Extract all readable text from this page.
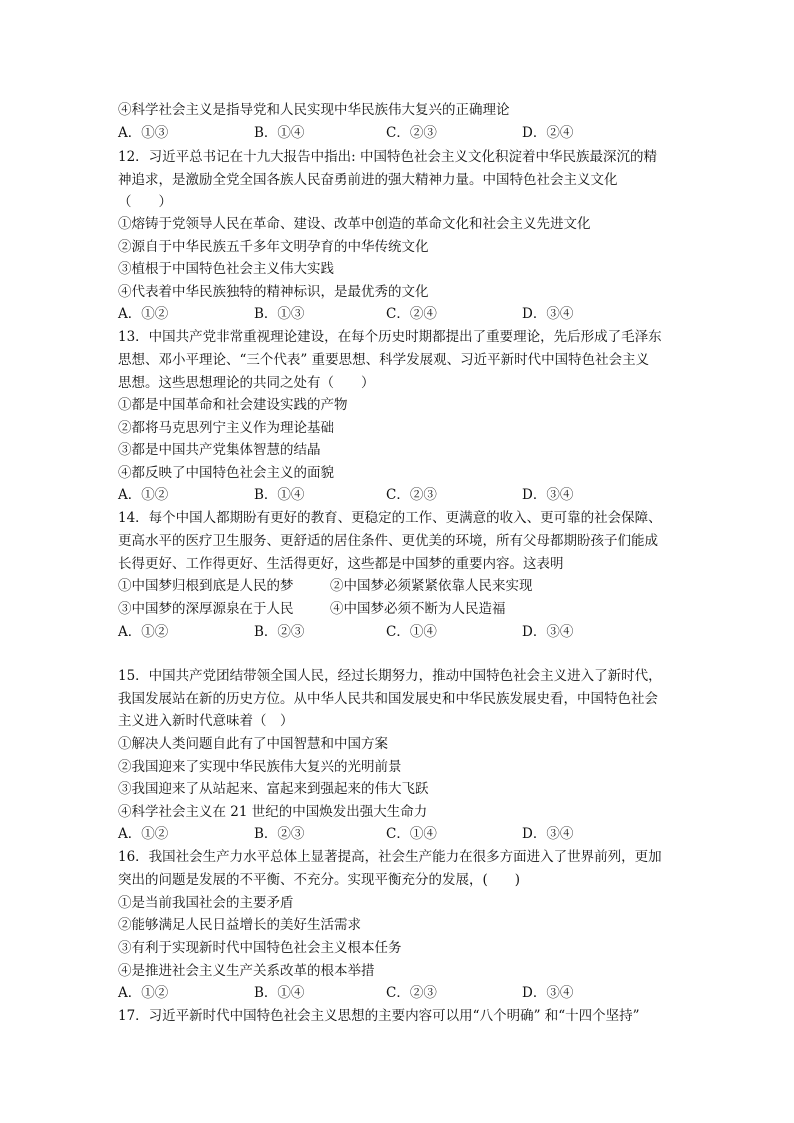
④科学社会主义是指导党和人民实现中华民族伟大复兴的正确理论
A．①③	B．①④	C．②③	D．②④
12．习近平总书记在十九大报告中指出: 中国特色社会主义文化积淀着中华民族最深沉的精
神追求，是激励全党全国各族人民奋勇前进的强大精神力量。中国特色社会主义文化
（　　）
①熔铸于党领导人民在革命、建设、改革中创造的革命文化和社会主义先进文化
②源自于中华民族五千多年文明孕育的中华传统文化
③植根于中国特色社会主义伟大实践
④代表着中华民族独特的精神标识，是最优秀的文化
A．①②	B．①③	C．②④	D．③④
13．中国共产党非常重视理论建设，在每个历史时期都提出了重要理论，先后形成了毛泽东
思想、邓小平理论、“三个代表” 重要思想、科学发展观、习近平新时代中国特色社会主义
思想。这些思想理论的共同之处有（　　）
①都是中国革命和社会建设实践的产物
②都将马克思列宁主义作为理论基础
③都是中国共产党集体智慧的结晶
④都反映了中国特色社会主义的面貌
A．①②	B．①④	C．②③	D．③④
14．每个中国人都期盼有更好的教育、更稳定的工作、更满意的收入、更可靠的社会保障、
更高水平的医疗卫生服务、更舒适的居住条件、更优美的环境，所有父母都期盼孩子们能成
长得更好、工作得更好、生活得更好，这些都是中国梦的重要内容。这表明
①中国梦归根到底是人民的梦	②中国梦必须紧紧依靠人民来实现
③中国梦的深厚源泉在于人民	④中国梦必须不断为人民造福
A．①②	B．②③	C．①④	D．③④
15．中国共产党团结带领全国人民，经过长期努力，推动中国特色社会主义进入了新时代，
我国发展站在新的历史方位。从中华人民共和国发展史和中华民族发展史看，中国特色社会
主义进入新时代意味着（　）
①解决人类问题自此有了中国智慧和中国方案
②我国迎来了实现中华民族伟大复兴的光明前景
③我国迎来了从站起来、富起来到强起来的伟大飞跃
④科学社会主义在 21 世纪的中国焕发出强大生命力
A．①②	B．②③	C．①④	D．③④
16．我国社会生产力水平总体上显著提高，社会生产能力在很多方面进入了世界前列，更加
突出的问题是发展的不平衡、不充分。实现平衡充分的发展，(　　)
①是当前我国社会的主要矛盾
②能够满足人民日益增长的美好生活需求
③有利于实现新时代中国特色社会主义根本任务
④是推进社会主义生产关系改革的根本举措
A．①②	B．①④	C．②③	D．③④
17．习近平新时代中国特色社会主义思想的主要内容可以用“八个明确” 和“十四个坚持”
